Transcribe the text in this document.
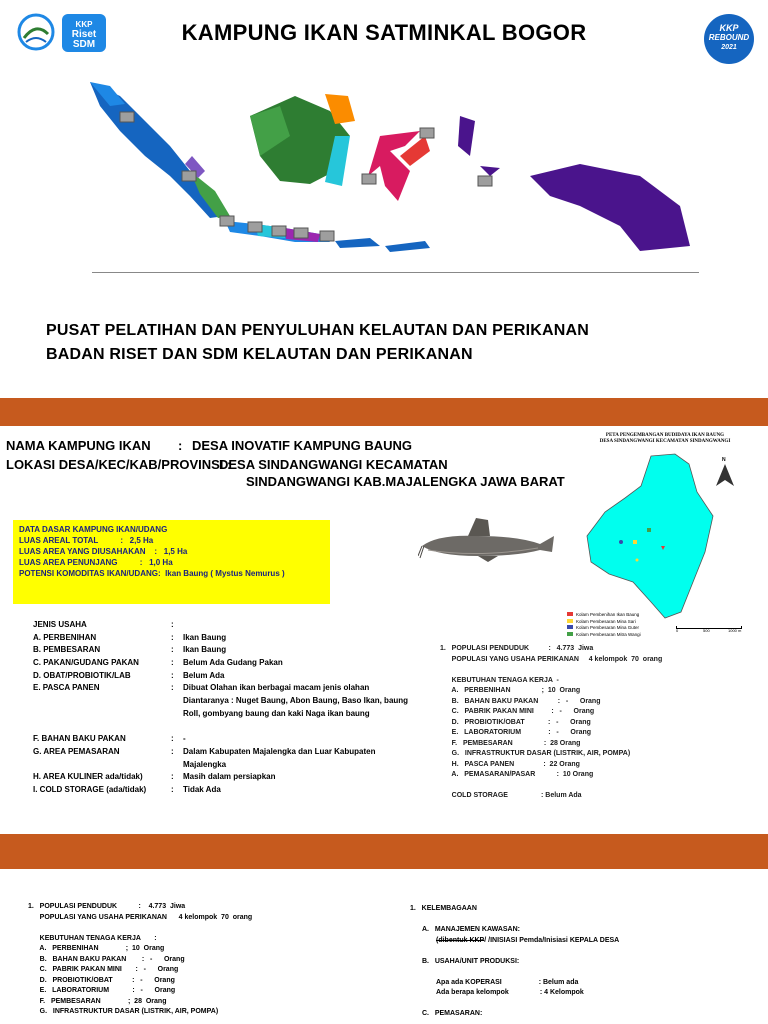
KKP
Riset SDM	KAMPUNG IKAN SATMINKAL BOGOR	KKP
REBOUND
2021
PUSAT PELATIHAN DAN PENYULUHAN KELAUTAN DAN PERIKANAN
BADAN RISET DAN SDM KELAUTAN DAN PERIKANAN
NAMA KAMPUNG IKAN : DESA INOVATIF KAMPUNG BAUNG
LOKASI DESA/KEC/KAB/PROVINSI :
DESA SINDANGWANGI KECAMATAN
SINDANGWANGI KAB.MAJALENGKA JAWA BARAT
DATA DASAR KAMPUNG IKAN/UDANG
LUAS AREAL TOTAL          :   2,5 Ha
LUAS AREA YANG DIUSAHAKAN    :   1,5 Ha
LUAS AREA PENUNJANG          :   1,0 Ha
POTENSI KOMODITAS IKAN/UDANG:  Ikan Baung ( Mystus Nemurus )
PETA PENGEMBANGAN BUDIDAYA IKAN BAUNG
DESA SINDANGWANGI KECAMATAN SINDANGWANGI
N
Kolam Pembenihan Ikan Baung
Kolam Pembesaran Mina Sari
Kolam Pembesaran Mina Guter
Kolam Pembesaran Mitra Wangi
0	500	1000 m
JENIS USAHA	:
A. PERBENIHAN	: Ikan Baung
B. PEMBESARAN	: Ikan Baung
C. PAKAN/GUDANG PAKAN	: Belum Ada Gudang Pakan
D. OBAT/PROBIOTIK/LAB	: Belum Ada
E. PASCA PANEN	: Dibuat Olahan ikan berbagai macam jenis olahan
Diantaranya : Nuget Baung, Abon Baung, Baso Ikan, baung
Roll, gombyang baung dan kaki Naga ikan baung
F. BAHAN BAKU PAKAN	: -
G. AREA PEMASARAN	: Dalam Kabupaten Majalengka dan Luar Kabupaten
Majalengka
H. AREA KULINER ada/tidak)	: Masih dalam persiapkan
I. COLD STORAGE (ada/tidak)	: Tidak Ada
1.   POPULASI PENDUDUK          :   4.773  Jiwa
POPULASI YANG USAHA PERIKANAN     4 kelompok  70  orang
KEBUTUHAN TENAGA KERJA  -
A.   PERBENIHAN                ;  10  Orang
B.   BAHAN BAKU PAKAN          :   -      Orang
C.   PABRIK PAKAN MINI         :   -      Orang
D.   PROBIOTIK/OBAT            :   -      Orang
E.   LABORATORIUM              :   -      Orang
F.   PEMBESARAN                :  28 Orang
G.   INFRASTRUKTUR DASAR (LISTRIK, AIR, POMPA)
H.   PASCA PANEN               :  22 Orang
A.   PEMASARAN/PASAR           :  10 Orang
COLD STORAGE                 : Belum Ada
1.   POPULASI PENDUDUK           :    4.773  Jiwa
POPULASI YANG USAHA PERIKANAN      4 kelompok  70  orang
KEBUTUHAN TENAGA KERJA       :
A.   PERBENIHAN              ;  10  Orang
B.   BAHAN BAKU PAKAN        :   -      Orang
C.   PABRIK PAKAN MINI       :   -      Orang
D.   PROBIOTIK/OBAT          :   -      Orang
E.   LABORATORIUM            :   -      Orang
F.   PEMBESARAN              ;  28  Orang
G.   INFRASTRUKTUR DASAR (LISTRIK, AIR, POMPA)
1.   KELEMBAGAAN
A.   MANAJEMEN KAWASAN:
(dibentuk KKP/ /INISIASI Pemda/Inisiasi KEPALA DESA
B.   USAHA/UNIT PRODUKSI:
Apa ada KOPERASI                   : Belum ada
Ada berapa kelompok                : 4 Kelompok
C.   PEMASARAN:
